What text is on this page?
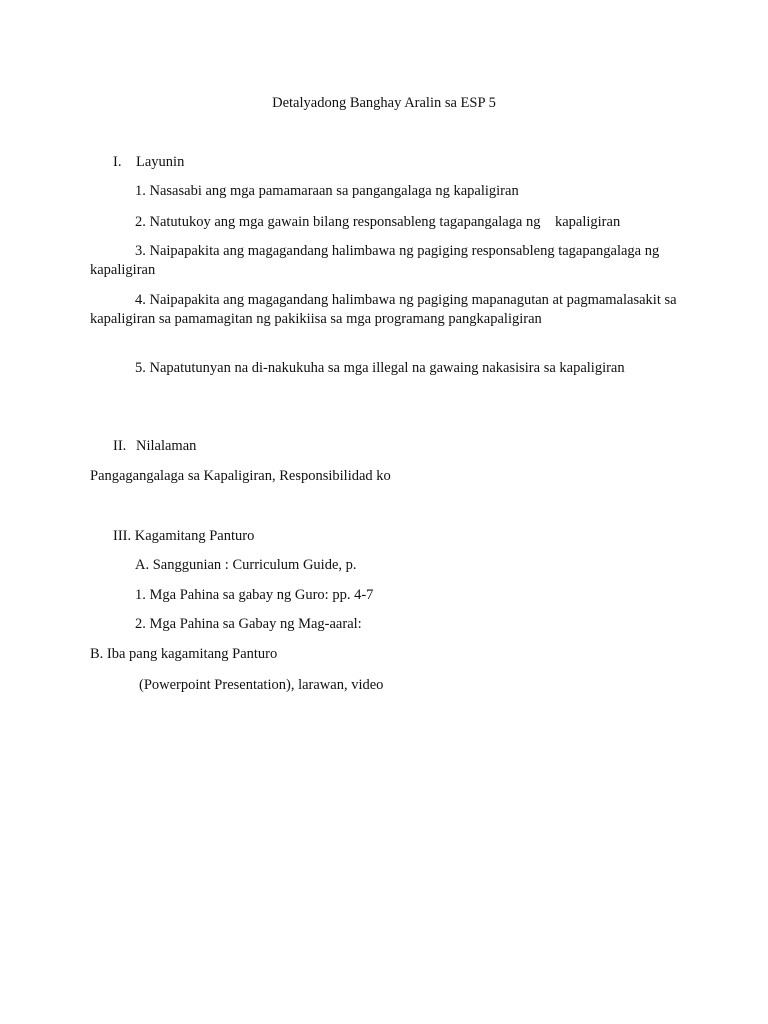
Detalyadong Banghay Aralin sa ESP 5
I. Layunin
1. Nasasabi ang mga pamamaraan sa pangangalaga ng kapaligiran
2. Natutukoy ang mga gawain bilang responsableng tagapangalaga ng    kapaligiran
3. Naipapakita ang magagandang halimbawa ng pagiging responsableng tagapangalaga ng kapaligiran
4. Naipapakita ang magagandang halimbawa ng pagiging mapanagutan at pagmamalasakit sa kapaligiran sa pamamagitan ng pakikiisa sa mga programang pangkapaligiran
5. Napatutunyan na di-nakukuha sa mga illegal na gawaing nakasisira sa kapaligiran
II. Nilalaman
Pangagangalaga sa Kapaligiran, Responsibilidad ko
III. Kagamitang Panturo
A. Sanggunian : Curriculum Guide, p.
1. Mga Pahina sa gabay ng Guro: pp. 4-7
2. Mga Pahina sa Gabay ng Mag-aaral:
B. Iba pang kagamitang Panturo
(Powerpoint Presentation), larawan, video
